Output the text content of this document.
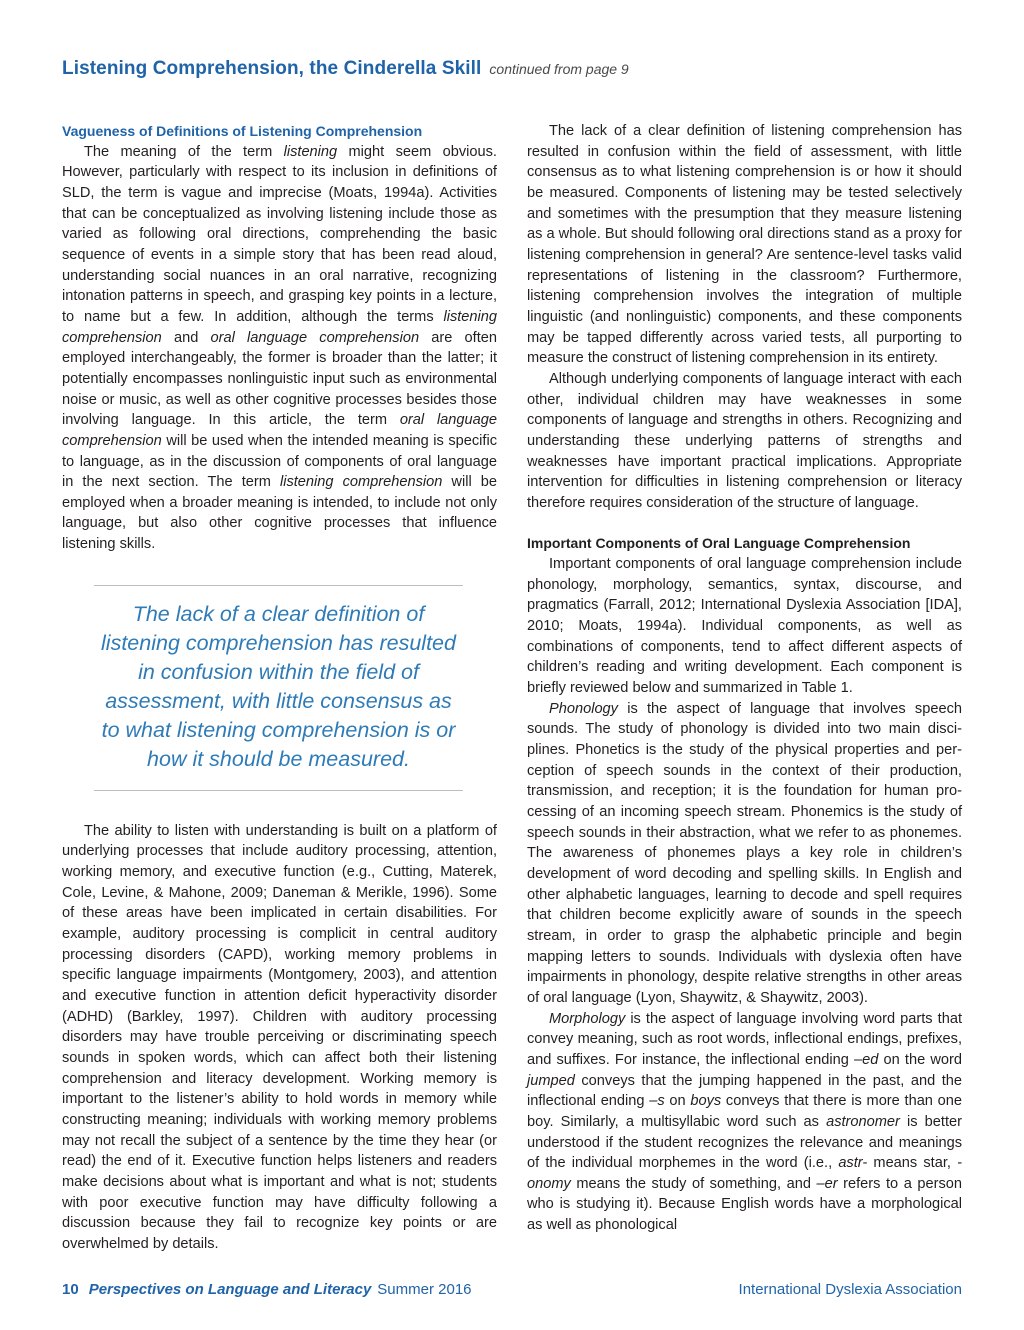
Listening Comprehension, the Cinderella Skill continued from page 9
Vagueness of Definitions of Listening Comprehension

The meaning of the term listening might seem obvious. However, particularly with respect to its inclusion in definitions of SLD, the term is vague and imprecise (Moats, 1994a). Activities that can be conceptualized as involving listening include those as varied as following oral directions, comprehending the basic sequence of events in a simple story that has been read aloud, understanding social nuances in an oral narrative, recognizing intonation patterns in speech, and grasping key points in a lecture, to name but a few. In addition, although the terms listening comprehension and oral language comprehension are often employed interchangeably, the former is broader than the latter; it potentially encompasses nonlinguistic input such as environmental noise or music, as well as other cognitive processes besides those involving language. In this article, the term oral language comprehension will be used when the intended meaning is specific to language, as in the discussion of components of oral language in the next section. The term listening comprehension will be employed when a broader meaning is intended, to include not only language, but also other cognitive processes that influence listening skills.

The lack of a clear definition of listening comprehension has resulted in confusion within the field of assessment, with little consensus as to what listening comprehension is or how it should be measured.

The ability to listen with understanding is built on a platform of underlying processes that include auditory processing, attention, working memory, and executive function (e.g., Cutting, Materek, Cole, Levine, & Mahone, 2009; Daneman & Merikle, 1996). Some of these areas have been implicated in certain disabilities. For example, auditory processing is complicit in central auditory processing disorders (CAPD), working memory problems in specific language impairments (Montgomery, 2003), and attention and executive function in attention deficit hyperactivity disorder (ADHD) (Barkley, 1997). Children with auditory processing disorders may have trouble perceiving or discriminating speech sounds in spoken words, which can affect both their listening comprehension and literacy development. Working memory is important to the listener’s ability to hold words in memory while constructing meaning; individuals with working memory problems may not recall the subject of a sentence by the time they hear (or read) the end of it. Executive function helps listeners and readers make decisions about what is important and what is not; students with poor executive function may have difficulty following a discussion because they fail to recognize key points or are overwhelmed by details.

The lack of a clear definition of listening comprehension has resulted in confusion within the field of assessment, with little consensus as to what listening comprehension is or how it should be measured. Components of listening may be tested selectively and sometimes with the presumption that they measure listening as a whole. But should following oral directions stand as a proxy for listening comprehension in general? Are sentence-level tasks valid representations of listening in the classroom? Furthermore, listening comprehension involves the integration of multiple linguistic (and nonlinguistic) components, and these components may be tapped differently across varied tests, all purporting to measure the construct of listening comprehension in its entirety.

Although underlying components of language interact with each other, individual children may have weaknesses in some components of language and strengths in others. Recognizing and understanding these underlying patterns of strengths and weaknesses have important practical implications. Appropriate intervention for difficulties in listening comprehension or literacy therefore requires consideration of the structure of language.

Important Components of Oral Language Comprehension

Important components of oral language comprehension include phonology, morphology, semantics, syntax, discourse, and pragmatics (Farrall, 2012; International Dyslexia Association [IDA], 2010; Moats, 1994a). Individual components, as well as combinations of components, tend to affect different aspects of children’s reading and writing development. Each component is briefly reviewed below and summarized in Table 1.

Phonology is the aspect of language that involves speech sounds. The study of phonology is divided into two main disciplines. Phonetics is the study of the physical properties and perception of speech sounds in the context of their production, transmission, and reception; it is the foundation for human processing of an incoming speech stream. Phonemics is the study of speech sounds in their abstraction, what we refer to as phonemes. The awareness of phonemes plays a key role in children’s development of word decoding and spelling skills. In English and other alphabetic languages, learning to decode and spell requires that children become explicitly aware of sounds in the speech stream, in order to grasp the alphabetic principle and begin mapping letters to sounds. Individuals with dyslexia often have impairments in phonology, despite relative strengths in other areas of oral language (Lyon, Shaywitz, & Shaywitz, 2003).

Morphology is the aspect of language involving word parts that convey meaning, such as root words, inflectional endings, prefixes, and suffixes. For instance, the inflectional ending –ed on the word jumped conveys that the jumping happened in the past, and the inflectional ending –s on boys conveys that there is more than one boy. Similarly, a multisyllabic word such as astronomer is better understood if the student recognizes the relevance and meanings of the individual morphemes in the word (i.e., astr- means star, -onomy means the study of something, and –er refers to a person who is studying it). Because English words have a morphological as well as phonological

10 Perspectives on Language and Literacy Summer 2016	International Dyslexia Association
